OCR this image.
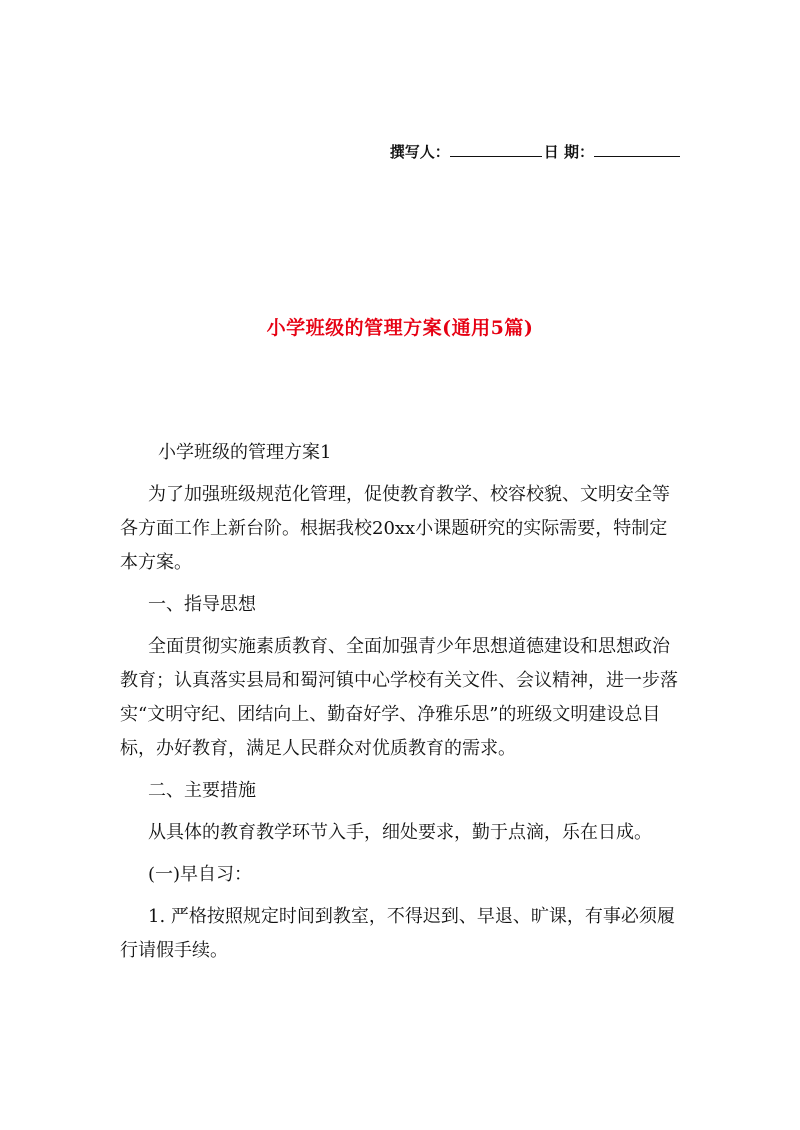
撰写人：	日 期：
小学班级的管理方案(通用5篇)

小学班级的管理方案1

为了加强班级规范化管理，促使教育教学、校容校貌、文明安全等各方面工作上新台阶。根据我校20xx小课题研究的实际需要，特制定本方案。

一、指导思想

全面贯彻实施素质教育、全面加强青少年思想道德建设和思想政治教育；认真落实县局和蜀河镇中心学校有关文件、会议精神，进一步落实“文明守纪、团结向上、勤奋好学、净雅乐思”的班级文明建设总目标，办好教育，满足人民群众对优质教育的需求。

二、主要措施

从具体的教育教学环节入手，细处要求，勤于点滴，乐在日成。

(一)早自习：

1. 严格按照规定时间到教室，不得迟到、早退、旷课，有事必须履行请假手续。
